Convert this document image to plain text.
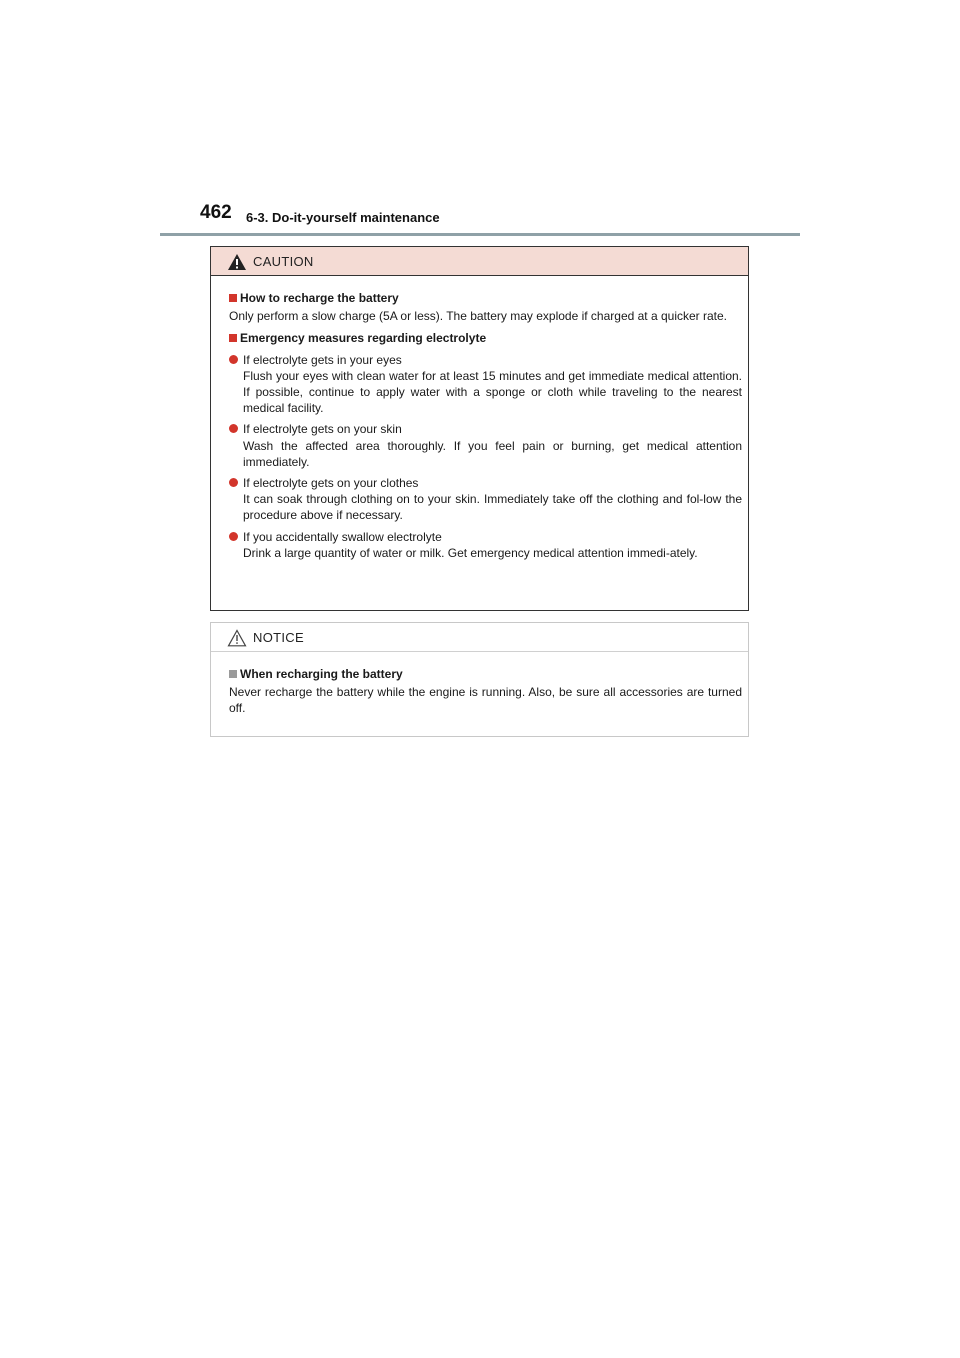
462 6-3. Do-it-yourself maintenance
CAUTION
How to recharge the battery
Only perform a slow charge (5A or less). The battery may explode if charged at a quicker rate.
Emergency measures regarding electrolyte
If electrolyte gets in your eyes
Flush your eyes with clean water for at least 15 minutes and get immediate medical attention. If possible, continue to apply water with a sponge or cloth while traveling to the nearest medical facility.
If electrolyte gets on your skin
Wash the affected area thoroughly. If you feel pain or burning, get medical attention immediately.
If electrolyte gets on your clothes
It can soak through clothing on to your skin. Immediately take off the clothing and fol-low the procedure above if necessary.
If you accidentally swallow electrolyte
Drink a large quantity of water or milk. Get emergency medical attention immedi-ately.
NOTICE
When recharging the battery
Never recharge the battery while the engine is running. Also, be sure all accessories are turned off.
